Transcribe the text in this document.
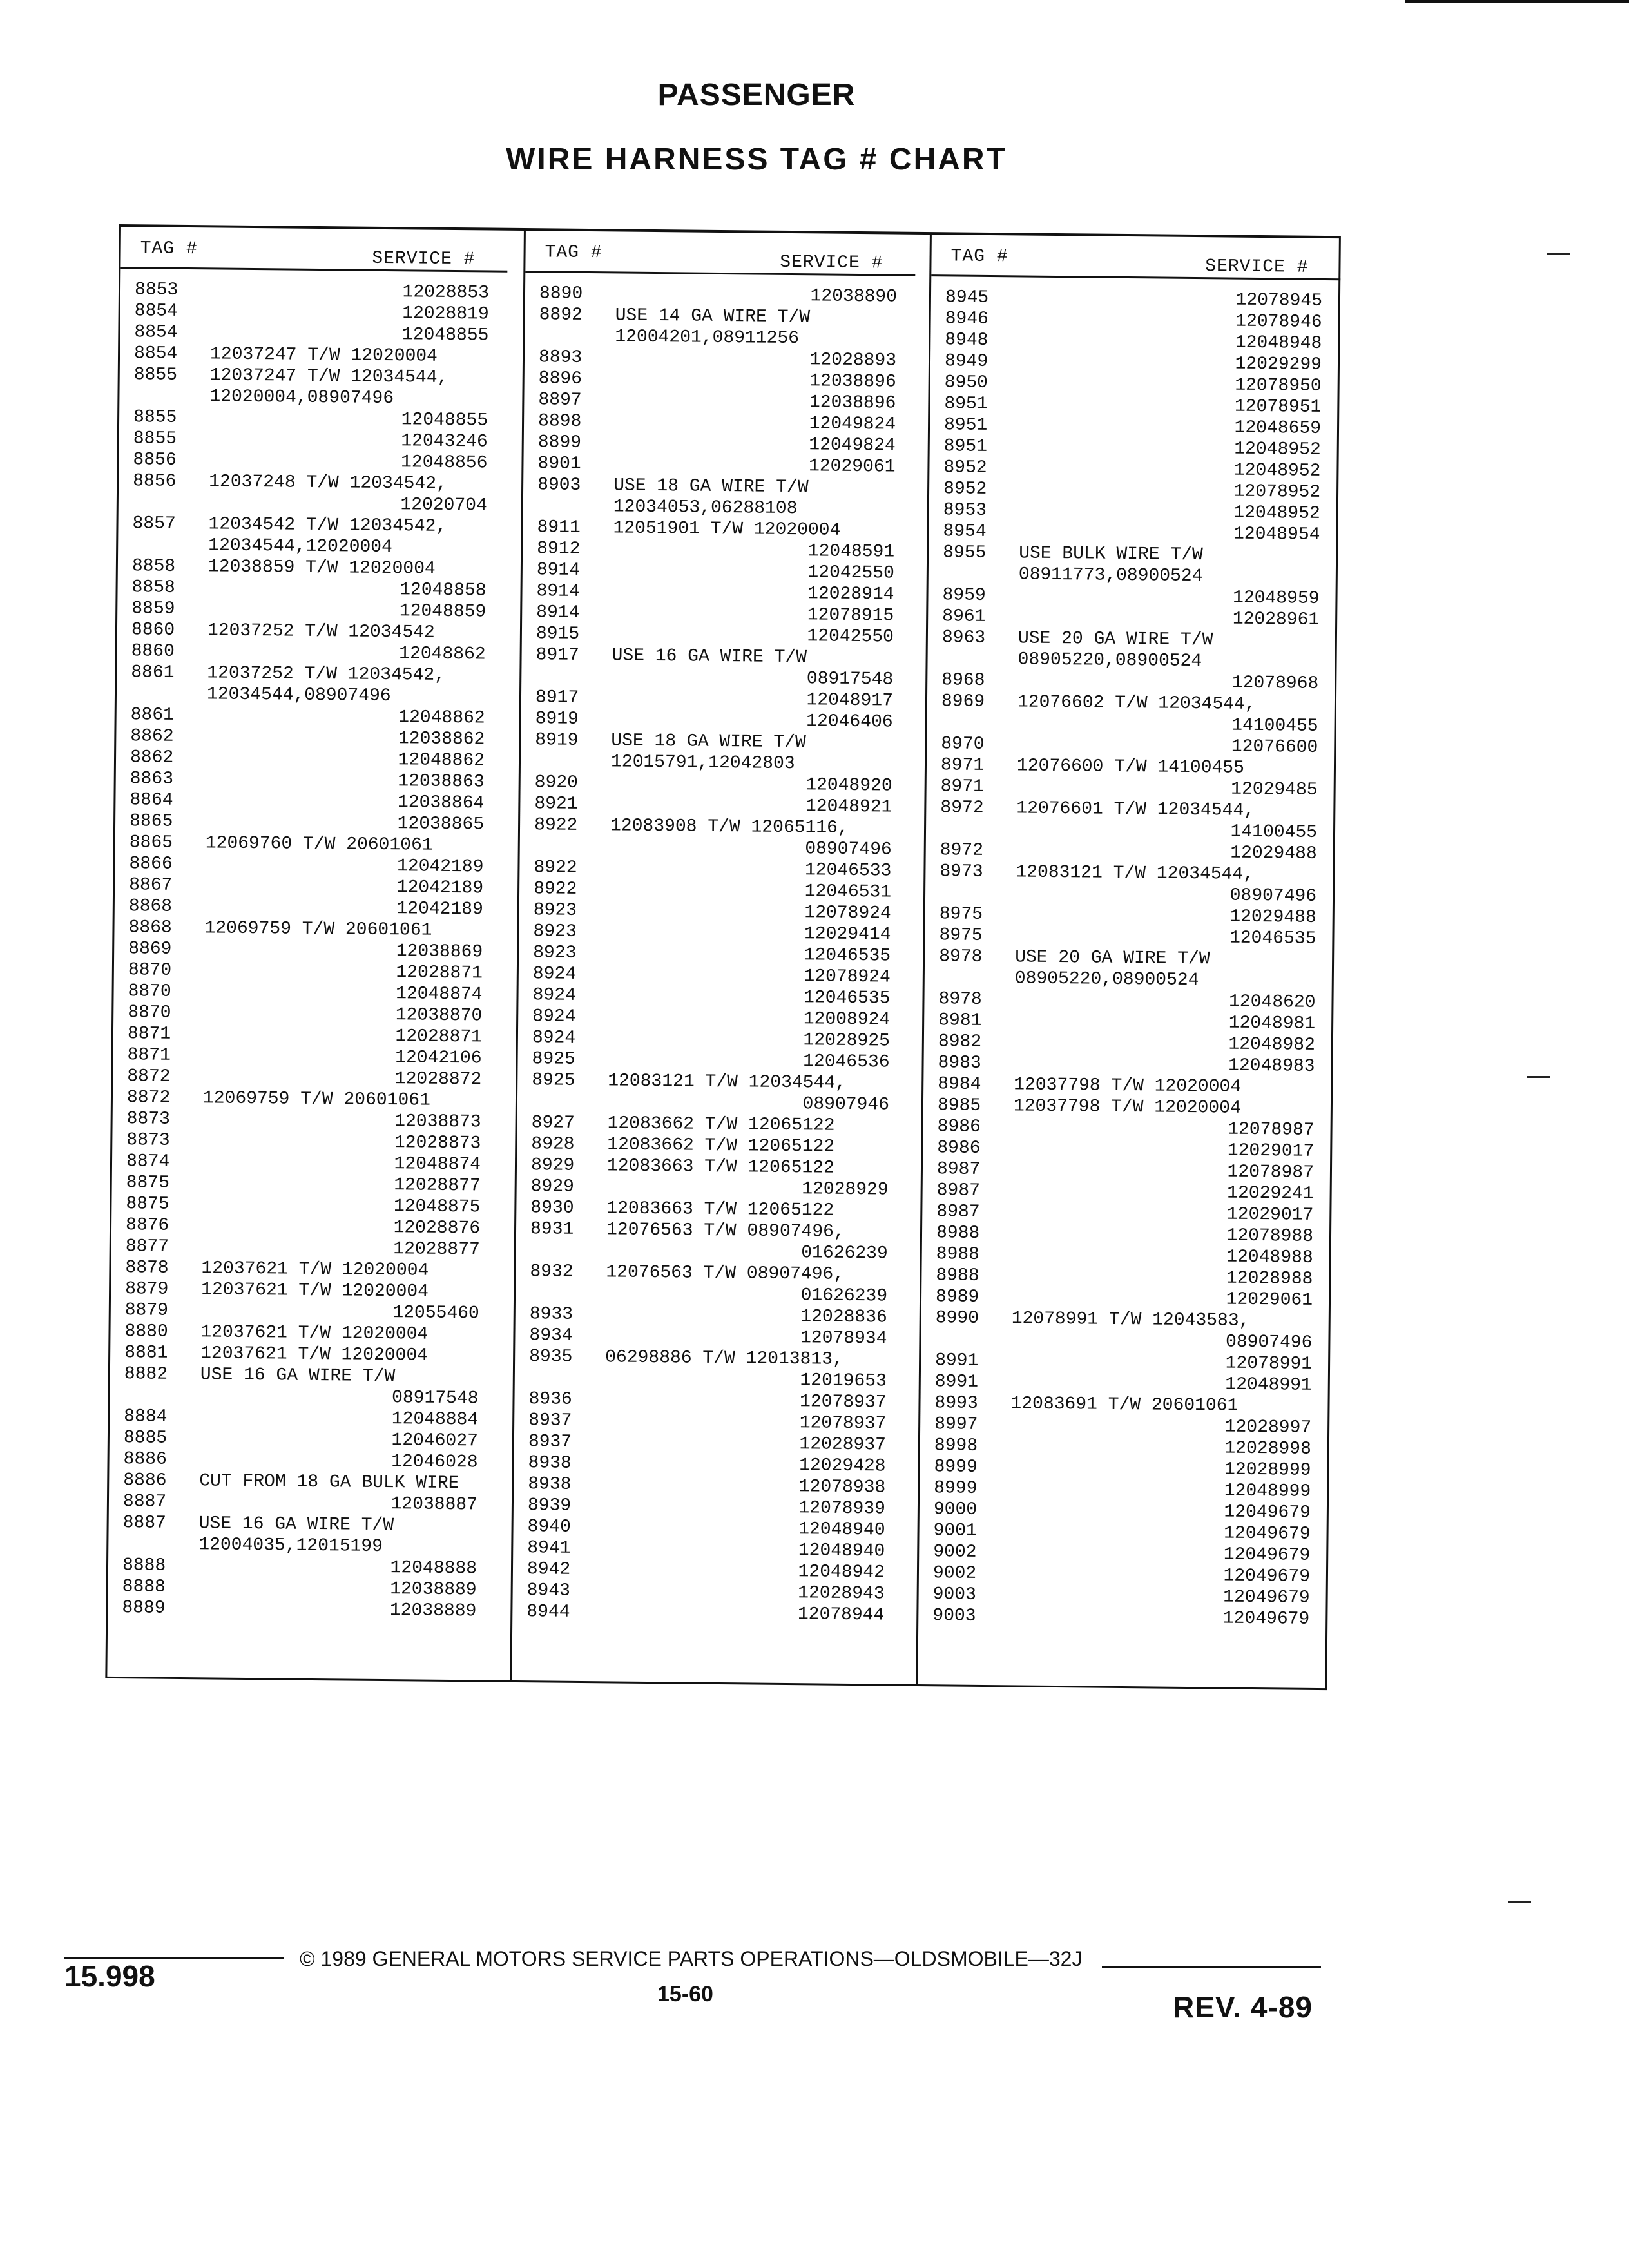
PASSENGER
WIRE HARNESS TAG # CHART
TAG #	SERVICE #
8853	12028853
8854	12028819
8854	12048855
8854	12037247 T/W 12020004
8855	12037247 T/W 12034544,
12020004,08907496
8855	12048855
8855	12043246
8856	12048856
8856	12037248 T/W 12034542,
12020704
8857	12034542 T/W 12034542,
12034544,12020004
8858	12038859 T/W 12020004
8858	12048858
8859	12048859
8860	12037252 T/W 12034542
8860	12048862
8861	12037252 T/W 12034542,
12034544,08907496
8861	12048862
8862	12038862
8862	12048862
8863	12038863
8864	12038864
8865	12038865
8865	12069760 T/W 20601061
8866	12042189
8867	12042189
8868	12042189
8868	12069759 T/W 20601061
8869	12038869
8870	12028871
8870	12048874
8870	12038870
8871	12028871
8871	12042106
8872	12028872
8872	12069759 T/W 20601061
8873	12038873
8873	12028873
8874	12048874
8875	12028877
8875	12048875
8876	12028876
8877	12028877
8878	12037621 T/W 12020004
8879	12037621 T/W 12020004
8879	12055460
8880	12037621 T/W 12020004
8881	12037621 T/W 12020004
8882	USE 16 GA WIRE T/W
08917548
8884	12048884
8885	12046027
8886	12046028
8886	CUT FROM 18 GA BULK WIRE
8887	12038887
8887	USE 16 GA WIRE T/W
12004035,12015199
8888	12048888
8888	12038889
8889	12038889
TAG #	SERVICE #
8890	12038890
8892	USE 14 GA WIRE T/W
12004201,08911256
8893	12028893
8896	12038896
8897	12038896
8898	12049824
8899	12049824
8901	12029061
8903	USE 18 GA WIRE T/W
12034053,06288108
8911	12051901 T/W 12020004
8912	12048591
8914	12042550
8914	12028914
8914	12078915
8915	12042550
8917	USE 16 GA WIRE T/W
08917548
8917	12048917
8919	12046406
8919	USE 18 GA WIRE T/W
12015791,12042803
8920	12048920
8921	12048921
8922	12083908 T/W 12065116,
08907496
8922	12046533
8922	12046531
8923	12078924
8923	12029414
8923	12046535
8924	12078924
8924	12046535
8924	12008924
8924	12028925
8925	12046536
8925	12083121 T/W 12034544,
08907946
8927	12083662 T/W 12065122
8928	12083662 T/W 12065122
8929	12083663 T/W 12065122
8929	12028929
8930	12083663 T/W 12065122
8931	12076563 T/W 08907496,
01626239
8932	12076563 T/W 08907496,
01626239
8933	12028836
8934	12078934
8935	06298886 T/W 12013813,
12019653
8936	12078937
8937	12078937
8937	12028937
8938	12029428
8938	12078938
8939	12078939
8940	12048940
8941	12048940
8942	12048942
8943	12028943
8944	12078944
TAG #	SERVICE #
8945	12078945
8946	12078946
8948	12048948
8949	12029299
8950	12078950
8951	12078951
8951	12048659
8951	12048952
8952	12048952
8952	12078952
8953	12048952
8954	12048954
8955	USE BULK WIRE T/W
08911773,08900524
8959	12048959
8961	12028961
8963	USE 20 GA WIRE T/W
08905220,08900524
8968	12078968
8969	12076602 T/W 12034544,
14100455
8970	12076600
8971	12076600 T/W 14100455
8971	12029485
8972	12076601 T/W 12034544,
14100455
8972	12029488
8973	12083121 T/W 12034544,
08907496
8975	12029488
8975	12046535
8978	USE 20 GA WIRE T/W
08905220,08900524
8978	12048620
8981	12048981
8982	12048982
8983	12048983
8984	12037798 T/W 12020004
8985	12037798 T/W 12020004
8986	12078987
8986	12029017
8987	12078987
8987	12029241
8987	12029017
8988	12078988
8988	12048988
8988	12028988
8989	12029061
8990	12078991 T/W 12043583,
08907496
8991	12078991
8991	12048991
8993	12083691 T/W 20601061
8997	12028997
8998	12028998
8999	12028999
8999	12048999
9000	12049679
9001	12049679
9002	12049679
9002	12049679
9003	12049679
9003	12049679
15.998
© 1989 GENERAL MOTORS SERVICE PARTS OPERATIONS—OLDSMOBILE—32J
15-60	REV. 4-89
